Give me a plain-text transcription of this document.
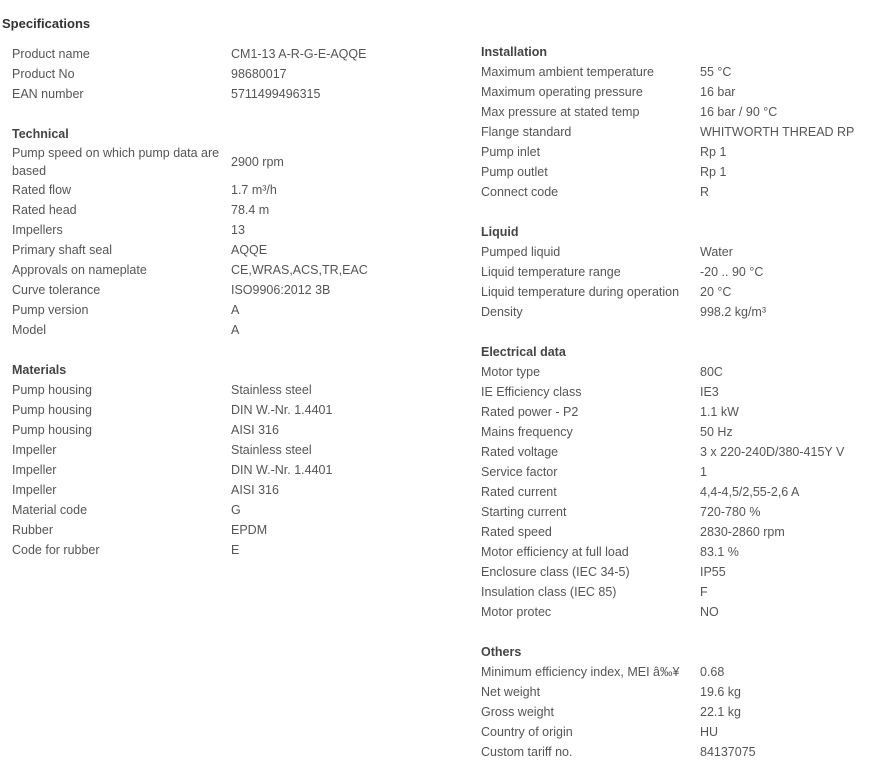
Specifications
Product name	CM1-13 A-R-G-E-AQQE
Product No	98680017
EAN number	5711499496315
Technical
Pump speed on which pump data are based	2900 rpm
Rated flow	1.7 m³/h
Rated head	78.4 m
Impellers	13
Primary shaft seal	AQQE
Approvals on nameplate	CE,WRAS,ACS,TR,EAC
Curve tolerance	ISO9906:2012 3B
Pump version	A
Model	A
Materials
Pump housing	Stainless steel
Pump housing	DIN W.-Nr. 1.4401
Pump housing	AISI 316
Impeller	Stainless steel
Impeller	DIN W.-Nr. 1.4401
Impeller	AISI 316
Material code	G
Rubber	EPDM
Code for rubber	E
Installation
Maximum ambient temperature	55 °C
Maximum operating pressure	16 bar
Max pressure at stated temp	16 bar / 90 °C
Flange standard	WHITWORTH THREAD RP
Pump inlet	Rp 1
Pump outlet	Rp 1
Connect code	R
Liquid
Pumped liquid	Water
Liquid temperature range	-20 .. 90 °C
Liquid temperature during operation	20 °C
Density	998.2 kg/m³
Electrical data
Motor type	80C
IE Efficiency class	IE3
Rated power - P2	1.1 kW
Mains frequency	50 Hz
Rated voltage	3 x 220-240D/380-415Y V
Service factor	1
Rated current	4,4-4,5/2,55-2,6 A
Starting current	720-780 %
Rated speed	2830-2860 rpm
Motor efficiency at full load	83.1 %
Enclosure class (IEC 34-5)	IP55
Insulation class (IEC 85)	F
Motor protec	NO
Others
Minimum efficiency index, MEI â‰¥	0.68
Net weight	19.6 kg
Gross weight	22.1 kg
Country of origin	HU
Custom tariff no.	84137075
